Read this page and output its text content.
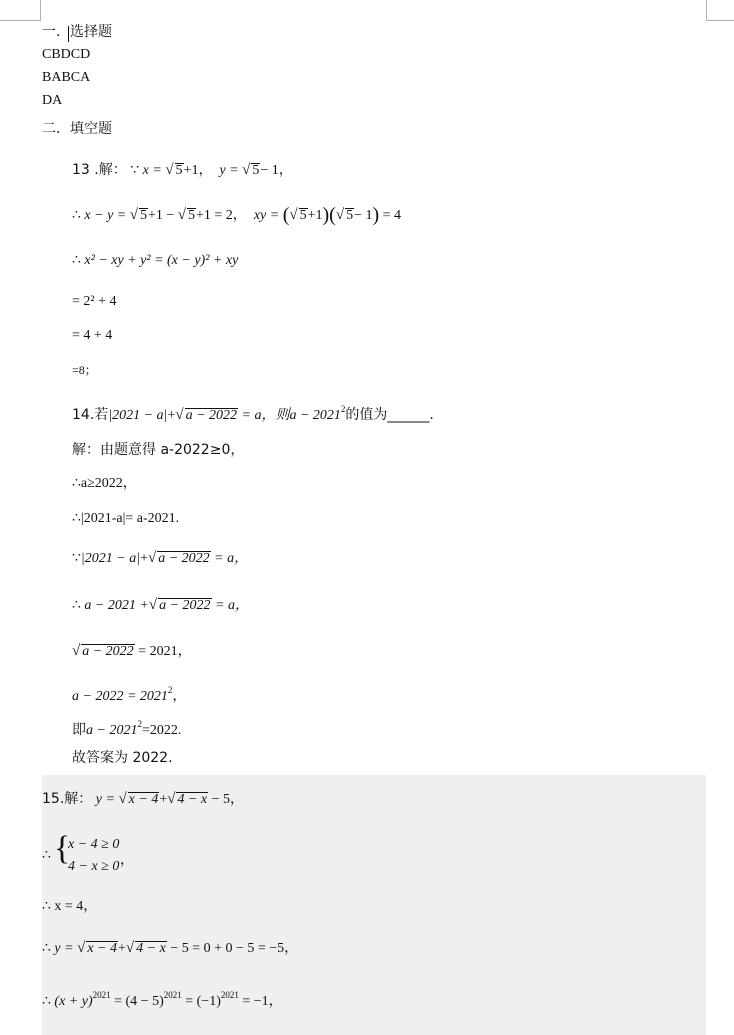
一．选择题
CBDCD
BABCA
DA
二．填空题
13 .解： ∵ x = √ 5+1， y = √ 5− 1，
∴ x − y = √ 5+1 − √ 5+1 = 2， xy = (√ 5+1)(√ 5− 1) = 4
∴ x² − xy + y² = (x − y)² + xy
= 2² + 4
= 4 + 4
=8；
14.若|2021 − a|+√ a − 2022 = a，则$a - 2021^2$的值为______.
解：由题意得 a-2022≥0，
∴a≥2022，
∴|2021-a|= a-2021.
∵|2021 − a|+√ a − 2022 = a，
∴ a − 2021 +√ a − 2022 = a，
√ a − 2022 = 2021，
$a - 2022 = 2021^2$，
即$a - 2021^2=2022$.
故答案为 2022.
15.解： y = √ x − 4+√ 4 − x − 5，
∴ {
x − 4 ≥ 0
4 − x ≥ 0 ，
∴ x = 4，
∴ y = √ x − 4+√ 4 − x − 5 = 0 + 0 − 5 = −5，
∴ $(x + y)^{2021} = (4 - 5)^{2021} = (-1)^{2021} = -1$，
